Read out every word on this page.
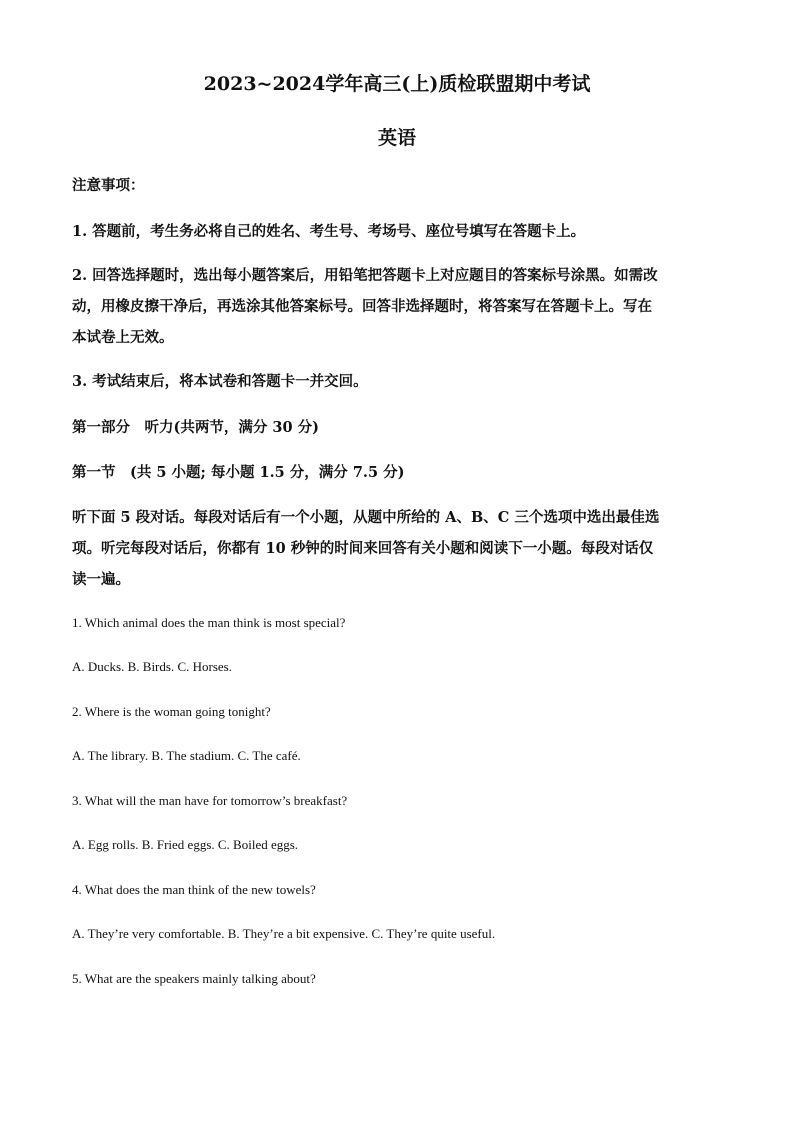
2023~2024学年高三(上)质检联盟期中考试
英语
注意事项：
1. 答题前，考生务必将自己的姓名、考生号、考场号、座位号填写在答题卡上。
2. 回答选择题时，选出每小题答案后，用铅笔把答题卡上对应题目的答案标号涂黑。如需改
动，用橡皮擦干净后，再选涂其他答案标号。回答非选择题时，将答案写在答题卡上。写在
本试卷上无效。
3. 考试结束后，将本试卷和答题卡一并交回。
第一部分　听力(共两节，满分 30 分)
第一节　(共 5 小题; 每小题 1.5 分，满分 7.5 分)
听下面 5 段对话。每段对话后有一个小题，从题中所给的 A、B、C 三个选项中选出最佳选
项。听完每段对话后，你都有 10 秒钟的时间来回答有关小题和阅读下一小题。每段对话仅
读一遍。
1. Which animal does the man think is most special?
A. Ducks. B. Birds. C. Horses.
2. Where is the woman going tonight?
A. The library. B. The stadium. C. The café.
3. What will the man have for tomorrow’s breakfast?
A. Egg rolls. B. Fried eggs. C. Boiled eggs.
4. What does the man think of the new towels?
A. They’re very comfortable. B. They’re a bit expensive. C. They’re quite useful.
5. What are the speakers mainly talking about?
